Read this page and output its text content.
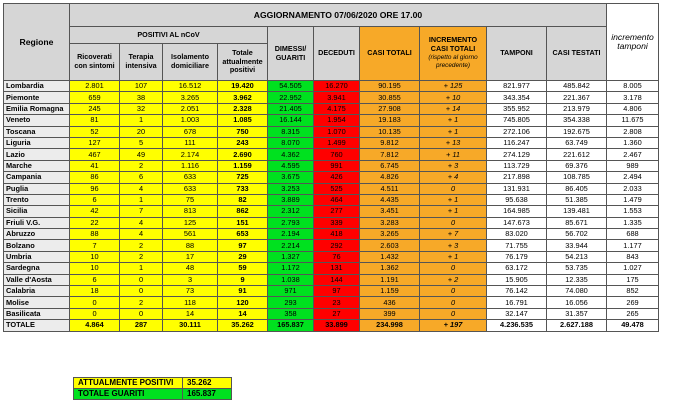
Regione	AGGIORNAMENTO 07/06/2020 ORE 17.00										incremento tamponi
	POSITIVI AL nCoV				DIMESSI/ GUARITI	DECEDUTI	CASI TOTALI	INCREMENTO CASI TOTALI
(rispetto al giorno precedente)	TAMPONI	CASI TESTATI	
	Ricoverati con sintomi	Terapia intensiva	Isolamento domiciliare	Totale attualmente positivi							
Lombardia	2.801	107	16.512	19.420	54.505	16.270	90.195	+ 125	821.977	485.842	8.005
Piemonte	659	38	3.265	3.962	22.952	3.941	30.855	+ 10	343.354	221.367	3.178
Emilia Romagna	245	32	2.051	2.328	21.405	4.175	27.908	+ 14	355.952	213.979	4.806
Veneto	81	1	1.003	1.085	16.144	1.954	19.183	+ 1	745.805	354.338	11.675
Toscana	52	20	678	750	8.315	1.070	10.135	+ 1	272.106	192.675	2.808
Liguria	127	5	111	243	8.070	1.499	9.812	+ 13	116.247	63.749	1.360
Lazio	467	49	2.174	2.690	4.362	760	7.812	+ 11	274.129	221.612	2.467
Marche	41	2	1.116	1.159	4.595	991	6.745	+ 3	113.729	69.376	989
Campania	86	6	633	725	3.675	426	4.826	+ 4	217.898	108.785	2.494
Puglia	96	4	633	733	3.253	525	4.511	0	131.931	86.405	2.033
Trento	6	1	75	82	3.889	464	4.435	+ 1	95.638	51.385	1.479
Sicilia	42	7	813	862	2.312	277	3.451	+ 1	164.985	139.481	1.553
Friuli V.G.	22	4	125	151	2.793	339	3.283	0	147.673	85.671	1.335
Abruzzo	88	4	561	653	2.194	418	3.265	+ 7	83.020	56.702	688
Bolzano	7	2	88	97	2.214	292	2.603	+ 3	71.755	33.944	1.177
Umbria	10	2	17	29	1.327	76	1.432	+ 1	76.179	54.213	843
Sardegna	10	1	48	59	1.172	131	1.362	0	63.172	53.735	1.027
Valle d'Aosta	6	0	3	9	1.038	144	1.191	+ 2	15.905	12.335	175
Calabria	18	0	73	91	971	97	1.159	0	76.142	74.080	852
Molise	0	2	118	120	293	23	436	0	16.791	16.056	269
Basilicata	0	0	14	14	358	27	399	0	32.147	31.357	265
TOTALE	4.864	287	30.111	35.262	165.837	33.899	234.998	+ 197	4.236.535	2.627.188	49.478
ATTUALMENTE POSITIVI	35.262
TOTALE GUARITI	165.837
